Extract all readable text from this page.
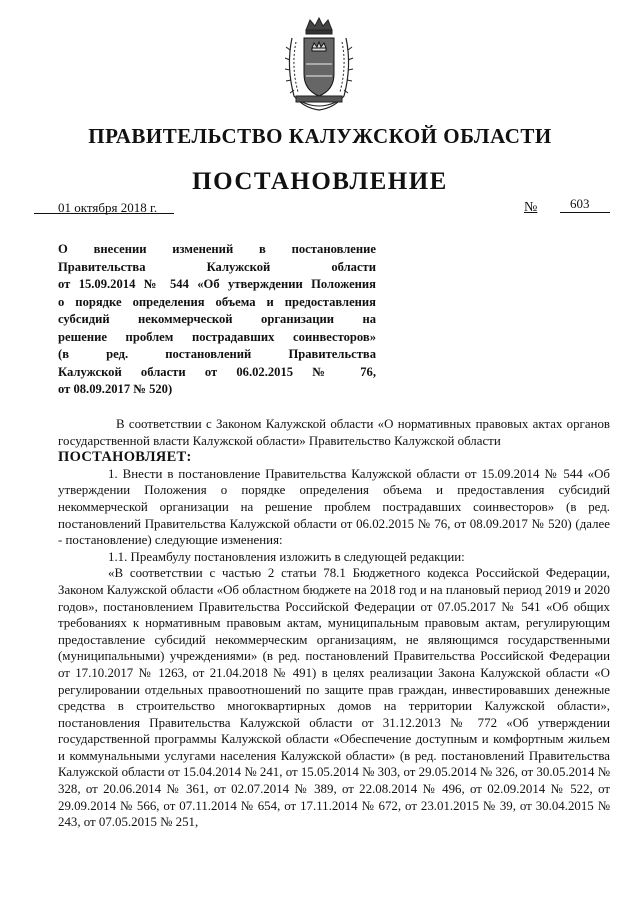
ПРАВИТЕЛЬСТВО КАЛУЖСКОЙ ОБЛАСТИ
ПОСТАНОВЛЕНИЕ
01 октября 2018 г.	№	603
О внесении изменений в постановление
Правительства Калужской области
от 15.09.2014 № 544 «Об утверждении Положения
о порядке определения объема и предоставления
субсидий некоммерческой организации на
решение проблем пострадавших соинвесторов»
(в ред. постановлений Правительства
Калужской области от 06.02.2015 № 76,
от 08.09.2017 № 520)

В соответствии с Законом Калужской области «О нормативных правовых актах органов государственной власти Калужской области» Правительство Калужской области

ПОСТАНОВЛЯЕТ:

1. Внести в постановление Правительства Калужской области от 15.09.2014 № 544 «Об утверждении Положения о порядке определения объема и предоставления субсидий некоммерческой организации на решение проблем пострадавших соинвесторов» (в ред. постановлений Правительства Калужской области от 06.02.2015 № 76, от 08.09.2017 № 520) (далее - постановление) следующие изменения:

1.1. Преамбулу постановления изложить в следующей редакции:

«В соответствии с частью 2 статьи 78.1 Бюджетного кодекса Российской Федерации, Законом Калужской области «Об областном бюджете на 2018 год и на плановый период 2019 и 2020 годов», постановлением Правительства Российской Федерации от 07.05.2017 № 541 «Об общих требованиях к нормативным правовым актам, муниципальным правовым актам, регулирующим предоставление субсидий некоммерческим организациям, не являющимся государственными (муниципальными) учреждениями» (в ред. постановлений Правительства Российской Федерации от 17.10.2017 № 1263, от 21.04.2018 № 491) в целях реализации Закона Калужской области «О регулировании отдельных правоотношений по защите прав граждан, инвестировавших денежные средства в строительство многоквартирных домов на территории Калужской области», постановления Правительства Калужской области от 31.12.2013 № 772 «Об утверждении государственной программы Калужской области «Обеспечение доступным и комфортным жильем и коммунальными услугами населения Калужской области» (в ред. постановлений Правительства Калужской области от 15.04.2014 № 241, от 15.05.2014 № 303, от 29.05.2014 № 326, от 30.05.2014 № 328, от 20.06.2014 № 361, от 02.07.2014 № 389, от 22.08.2014 № 496, от 02.09.2014 № 522, от 29.09.2014 № 566, от 07.11.2014 № 654, от 17.11.2014 № 672, от 23.01.2015 № 39, от 30.04.2015 № 243, от 07.05.2015 № 251,
